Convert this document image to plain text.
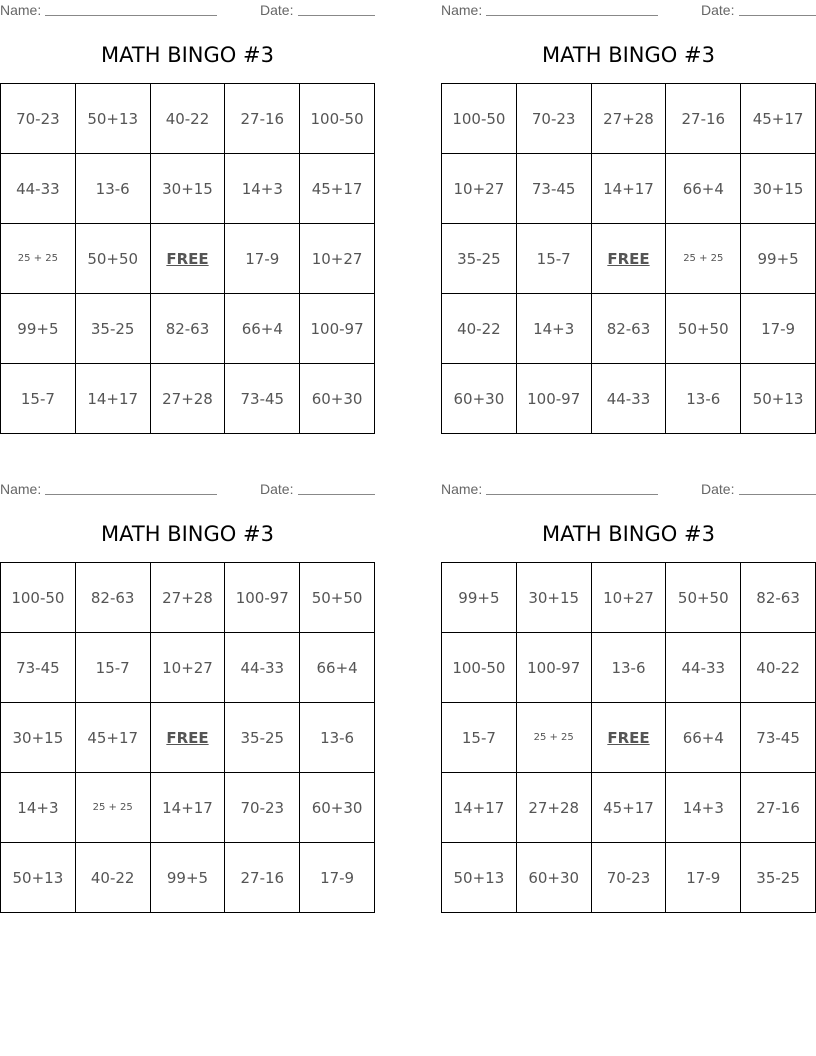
Name:	Date:
MATH BINGO #3
70-23	50+13	40-22	27-16	100-50
44-33	13-6	30+15	14+3	45+17
25 + 25	50+50	FREE	17-9	10+27
99+5	35-25	82-63	66+4	100-97
15-7	14+17	27+28	73-45	60+30
Name:	Date:
MATH BINGO #3
100-50	70-23	27+28	27-16	45+17
10+27	73-45	14+17	66+4	30+15
35-25	15-7	FREE	25 + 25	99+5
40-22	14+3	82-63	50+50	17-9
60+30	100-97	44-33	13-6	50+13
Name:	Date:
MATH BINGO #3
100-50	82-63	27+28	100-97	50+50
73-45	15-7	10+27	44-33	66+4
30+15	45+17	FREE	35-25	13-6
14+3	25 + 25	14+17	70-23	60+30
50+13	40-22	99+5	27-16	17-9
Name:	Date:
MATH BINGO #3
99+5	30+15	10+27	50+50	82-63
100-50	100-97	13-6	44-33	40-22
15-7	25 + 25	FREE	66+4	73-45
14+17	27+28	45+17	14+3	27-16
50+13	60+30	70-23	17-9	35-25
